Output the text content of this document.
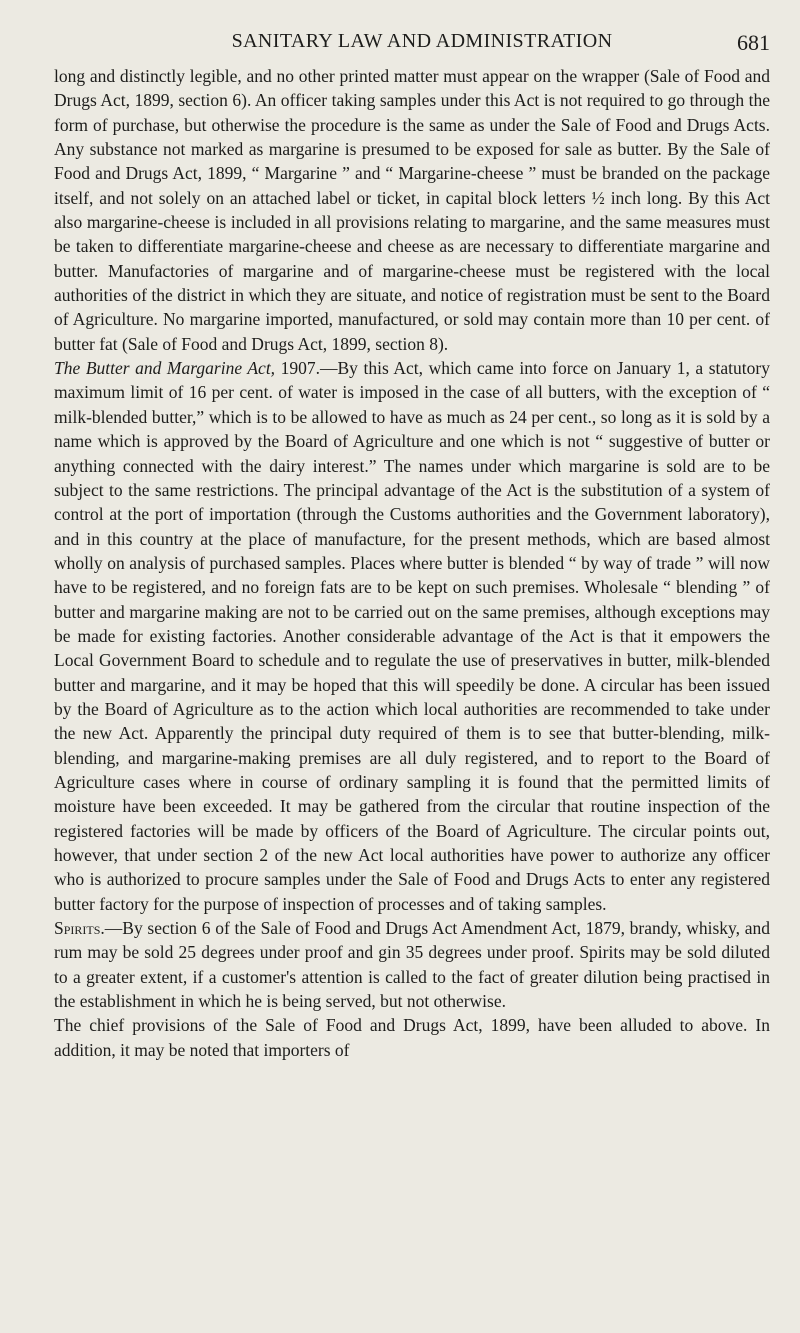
SANITARY LAW AND ADMINISTRATION	681

long and distinctly legible, and no other printed matter must appear on the wrapper (Sale of Food and Drugs Act, 1899, section 6). An officer taking samples under this Act is not required to go through the form of purchase, but otherwise the procedure is the same as under the Sale of Food and Drugs Acts. Any substance not marked as margarine is presumed to be exposed for sale as butter. By the Sale of Food and Drugs Act, 1899, “ Margarine ” and “ Margarine-cheese ” must be branded on the package itself, and not solely on an attached label or ticket, in capital block letters ½ inch long. By this Act also margarine-cheese is included in all provisions relating to margarine, and the same measures must be taken to differentiate margarine-cheese and cheese as are necessary to differentiate margarine and butter. Manufactories of margarine and of margarine-cheese must be registered with the local authorities of the district in which they are situate, and notice of registration must be sent to the Board of Agriculture. No margarine imported, manufactured, or sold may contain more than 10 per cent. of butter fat (Sale of Food and Drugs Act, 1899, section 8).

The Butter and Margarine Act, 1907.—By this Act, which came into force on January 1, a statutory maximum limit of 16 per cent. of water is imposed in the case of all butters, with the exception of “ milk-blended butter,” which is to be allowed to have as much as 24 per cent., so long as it is sold by a name which is approved by the Board of Agriculture and one which is not “ suggestive of butter or anything connected with the dairy interest.” The names under which margarine is sold are to be subject to the same restrictions. The principal advantage of the Act is the substitution of a system of control at the port of importation (through the Customs authorities and the Government laboratory), and in this country at the place of manufacture, for the present methods, which are based almost wholly on analysis of purchased samples. Places where butter is blended “ by way of trade ” will now have to be registered, and no foreign fats are to be kept on such premises. Wholesale “ blending ” of butter and margarine making are not to be carried out on the same premises, although exceptions may be made for existing factories. Another considerable advantage of the Act is that it empowers the Local Government Board to schedule and to regulate the use of preservatives in butter, milk-blended butter and margarine, and it may be hoped that this will speedily be done. A circular has been issued by the Board of Agriculture as to the action which local authorities are recommended to take under the new Act. Apparently the principal duty required of them is to see that butter-blending, milk-blending, and margarine-making premises are all duly registered, and to report to the Board of Agriculture cases where in course of ordinary sampling it is found that the permitted limits of moisture have been exceeded. It may be gathered from the circular that routine inspection of the registered factories will be made by officers of the Board of Agriculture. The circular points out, however, that under section 2 of the new Act local authorities have power to authorize any officer who is authorized to procure samples under the Sale of Food and Drugs Acts to enter any registered butter factory for the purpose of inspection of processes and of taking samples.

Spirits.—By section 6 of the Sale of Food and Drugs Act Amendment Act, 1879, brandy, whisky, and rum may be sold 25 degrees under proof and gin 35 degrees under proof. Spirits may be sold diluted to a greater extent, if a customer's attention is called to the fact of greater dilution being practised in the establishment in which he is being served, but not otherwise.

The chief provisions of the Sale of Food and Drugs Act, 1899, have been alluded to above. In addition, it may be noted that importers of
